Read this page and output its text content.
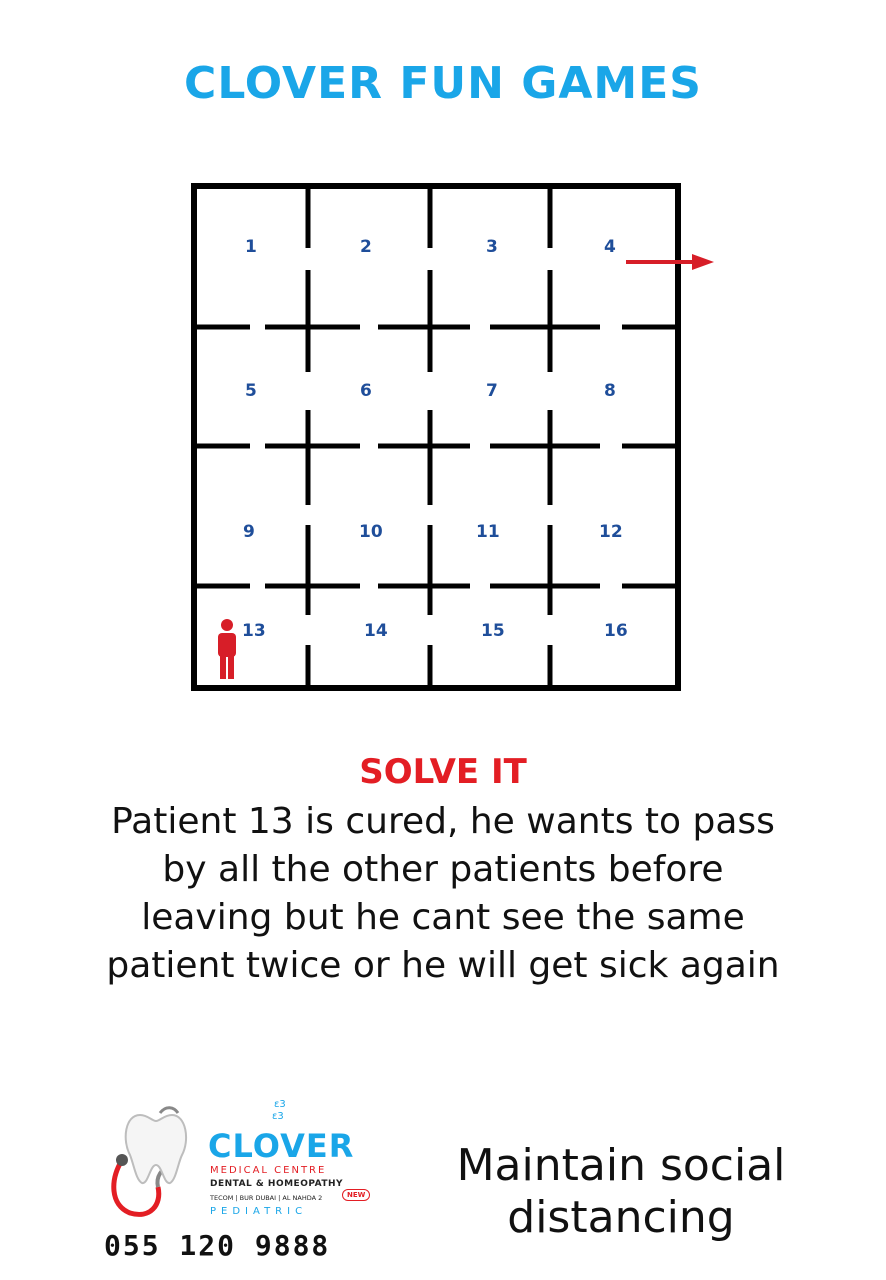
CLOVER FUN GAMES
1	2	3	4
5	6	7	8
9	10	11	12
13	14	15	16
SOLVE IT
Patient 13 is cured, he wants to pass by all the other patients before leaving but he cant see the same patient twice or he will get sick again
ε3
ε3
CLOVER
MEDICAL CENTRE
DENTAL & HOMEOPATHY
TECOM | BUR DUBAI | AL NAHDA 2	NEW
PEDIATRIC
055 120 9888
Maintain social distancing
